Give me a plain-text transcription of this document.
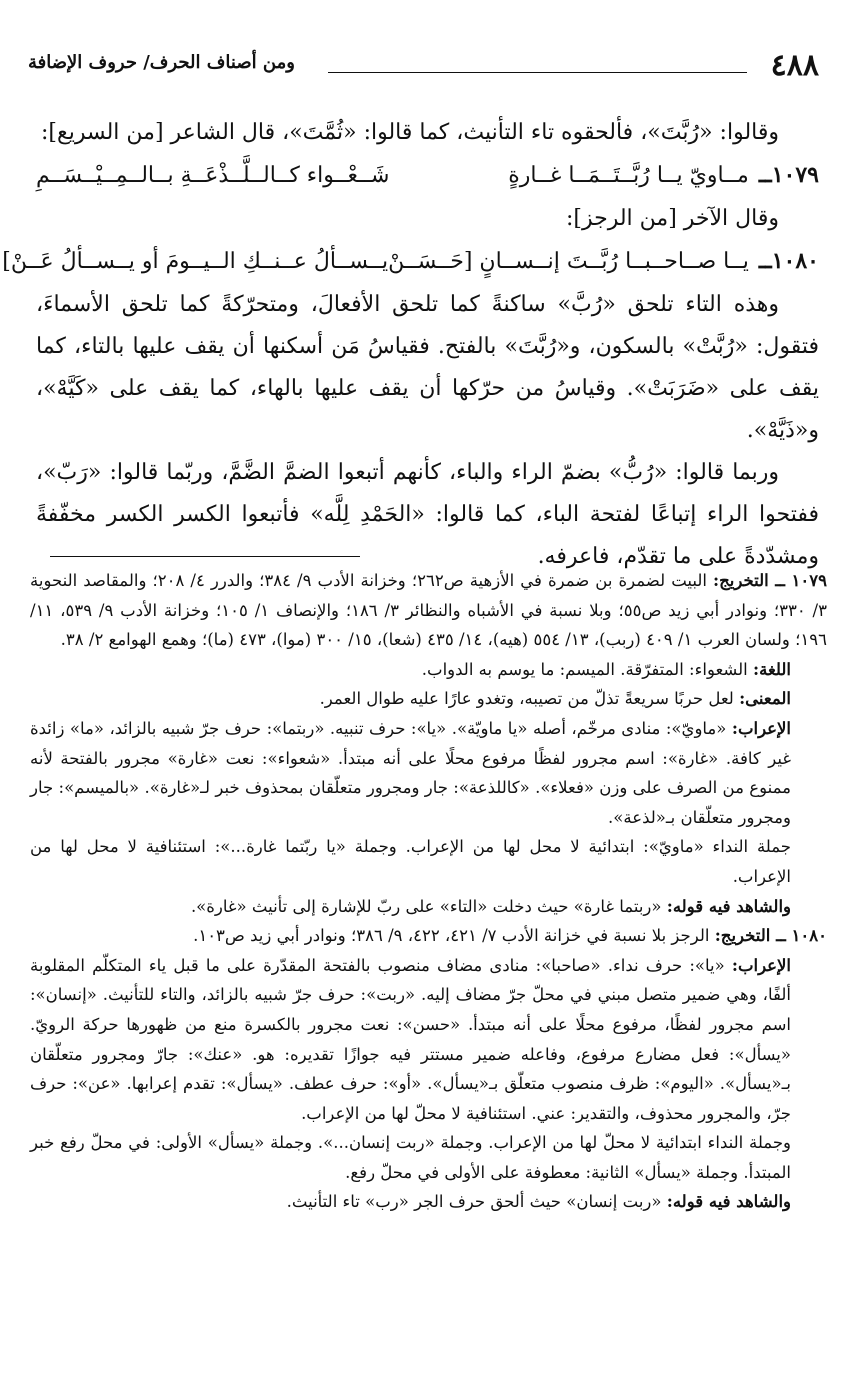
٤٨٨
ومن أصناف الحرف/ حروف الإضافة

وقالوا: «رُبَّتَ»، فألحقوه تاء التأنيث، كما قالوا: «ثُمَّتَ»، قال الشاعر [من السريع]:

١٠٧٩ــ
مــاويّ يــا رُبَّــتَــمَــا غــارةٍ
شَــعْــواء كــالــلَّــذْعَــةِ بــالــمِــيْــسَــمِ

وقال الآخر [من الرجز]:

١٠٨٠ــ
يــا صــاحــبــا رُبَّــتَ إنــســانٍ [حَــسَــنْ
يــســألُ عــنــكِ الــيــومَ أو يــســألُ عَــنْ]

وهذه التاء تلحق «رُبَّ» ساكنةً كما تلحق الأفعالَ، ومتحرّكةً كما تلحق الأسماءَ، فتقول: «رُبَّتْ» بالسكون، و«رُبَّتَ» بالفتح. فقياسُ مَن أسكنها أن يقف عليها بالتاء، كما يقف على «ضَرَبَتْ». وقياسُ من حرّكها أن يقف عليها بالهاء، كما يقف على «كَيَّهْ»، و«ذَيَّهْ».

وربما قالوا: «رُبُّ» بضمّ الراء والباء، كأنهم أتبعوا الضمَّ الضَّمَّ، وربّما قالوا: «رَبّ»، ففتحوا الراء إتباعًا لفتحة الباء، كما قالوا: «الحَمْدِ لِلَّه» فأتبعوا الكسر الكسر مخفّفةً ومشدّدةً على ما تقدّم، فاعرفه.

١٠٧٩ ــ التخريج: البيت لضمرة بن ضمرة في الأزهية ص٢٦٢؛ وخزانة الأدب ٩/ ٣٨٤؛ والدرر ٤/ ٢٠٨؛ والمقاصد النحوية ٣/ ٣٣٠؛ ونوادر أبي زيد ص٥٥؛ وبلا نسبة في الأشباه والنظائر ٣/ ١٨٦؛ والإنصاف ١/ ١٠٥؛ وخزانة الأدب ٩/ ٥٣٩، ١١/ ١٩٦؛ ولسان العرب ١/ ٤٠٩ (ربب)، ١٣/ ٥٥٤ (هيه)، ١٤/ ٤٣٥ (شعا)، ١٥/ ٣٠٠ (موا)، ٤٧٣ (ما)؛ وهمع الهوامع ٢/ ٣٨.

اللغة: الشعواء: المتفرّقة. الميسم: ما يوسم به الدواب.

المعنى: لعل حربًا سريعةً تذلّ من تصيبه، وتغدو عارًا عليه طوال العمر.

الإعراب: «ماويّ»: منادى مرخّم، أصله «يا ماويّة». «يا»: حرف تنبيه. «ربتما»: حرف جرّ شبيه بالزائد، «ما» زائدة غير كافة. «غارة»: اسم مجرور لفظًا مرفوع محلًا على أنه مبتدأ. «شعواء»: نعت «غارة» مجرور بالفتحة لأنه ممنوع من الصرف على وزن «فعلاء». «كاللذعة»: جار ومجرور متعلّقان بمحذوف خبر لـ«غارة». «بالميسم»: جار ومجرور متعلّقان بـ«لذعة».

جملة النداء «ماويّ»: ابتدائية لا محل لها من الإعراب. وجملة «يا ربّتما غارة...»: استئنافية لا محل لها من الإعراب.

والشاهد فيه قوله: «ربتما غارة» حيث دخلت «التاء» على ربّ للإشارة إلى تأنيث «غارة».

١٠٨٠ ــ التخريج: الرجز بلا نسبة في خزانة الأدب ٧/ ٤٢١، ٤٢٢، ٩/ ٣٨٦؛ ونوادر أبي زيد ص١٠٣.

الإعراب: «يا»: حرف نداء. «صاحبا»: منادى مضاف منصوب بالفتحة المقدّرة على ما قبل ياء المتكلّم المقلوبة ألفًا، وهي ضمير متصل مبني في محلّ جرّ مضاف إليه. «ربت»: حرف جرّ شبيه بالزائد، والتاء للتأنيث. «إنسان»: اسم مجرور لفظًا، مرفوع محلًا على أنه مبتدأ. «حسن»: نعت مجرور بالكسرة منع من ظهورها حركة الرويّ. «يسأل»: فعل مضارع مرفوع، وفاعله ضمير مستتر فيه جوازًا تقديره: هو. «عنك»: جارّ ومجرور متعلّقان بـ«يسأل». «اليوم»: ظرف منصوب متعلّق بـ«يسأل». «أو»: حرف عطف. «يسأل»: تقدم إعرابها. «عن»: حرف جرّ، والمجرور محذوف، والتقدير: عني. استئنافية لا محلّ لها من الإعراب.

وجملة النداء ابتدائية لا محلّ لها من الإعراب. وجملة «ربت إنسان...». وجملة «يسأل» الأولى: في محلّ رفع خبر المبتدأ. وجملة «يسأل» الثانية: معطوفة على الأولى في محلّ رفع.

والشاهد فيه قوله: «ربت إنسان» حيث ألحق حرف الجر «رب» تاء التأنيث.
